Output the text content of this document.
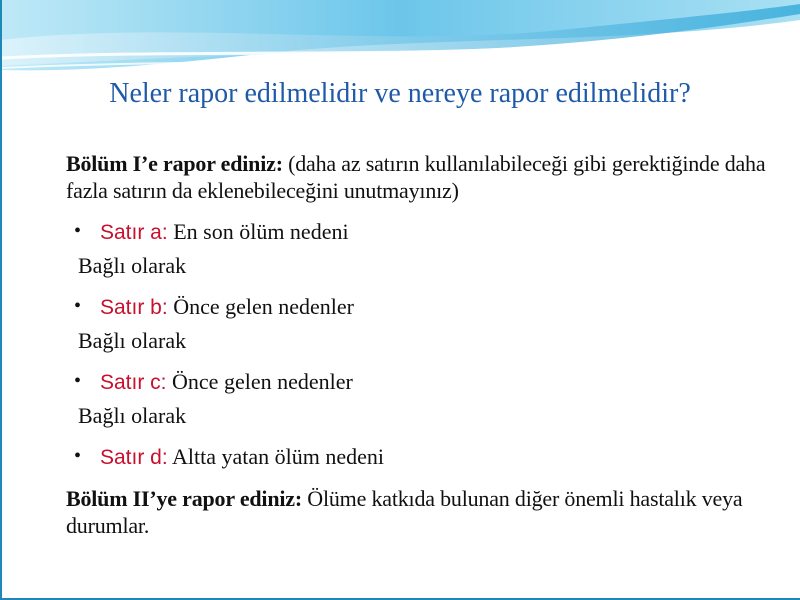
Neler rapor edilmelidir ve nereye rapor edilmelidir?

Bölüm I’e rapor ediniz: (daha az satırın kullanılabileceği gibi gerektiğinde daha fazla satırın da eklenebileceğini unutmayınız)

• Satır a: En son ölüm nedeni
Bağlı olarak
• Satır b: Önce gelen nedenler
Bağlı olarak
• Satır c: Önce gelen nedenler
Bağlı olarak
• Satır d: Altta yatan ölüm nedeni

Bölüm II’ye rapor ediniz: Ölüme katkıda bulunan diğer önemli hastalık veya durumlar.
